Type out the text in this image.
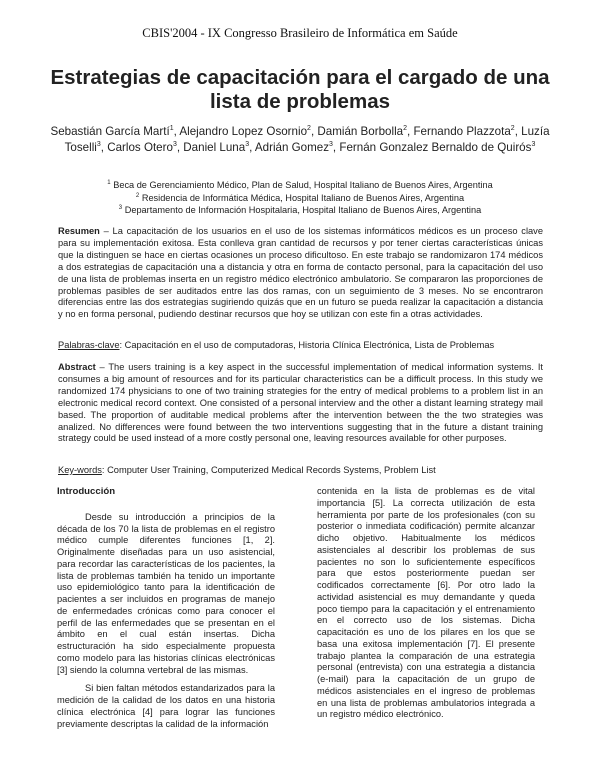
CBIS'2004 - IX Congresso Brasileiro de Informática em Saúde
Estrategias de capacitación para el cargado de una
lista de problemas
Sebastián García Martí$^1$, Alejandro Lopez Osornio$^2$, Damián Borbolla$^2$, Fernando Plazzota$^2$, Luzía Toselli$^3$, Carlos Otero$^3$, Daniel Luna$^3$, Adrián Gomez$^3$, Fernán Gonzalez Bernaldo de Quirós$^3$
$^1$ Beca de Gerenciamiento Médico, Plan de Salud, Hospital Italiano de Buenos Aires, Argentina
$^2$ Residencia de Informática Médica, Hospital Italiano de Buenos Aires, Argentina
$^3$ Departamento de Información Hospitalaria, Hospital Italiano de Buenos Aires, Argentina
Resumen – La capacitación de los usuarios en el uso de los sistemas informáticos médicos es un proceso clave para su implementación exitosa. Esta conlleva gran cantidad de recursos y por tener ciertas características únicas que la distinguen se hace en ciertas ocasiones un proceso dificultoso. En este trabajo se randomizaron 174 médicos a dos estrategias de capacitación una a distancia y otra en forma de contacto personal, para la capacitación del uso de una lista de problemas inserta en un registro médico electrónico ambulatorio. Se compararon las proporciones de problemas pasibles de ser auditados entre las dos ramas, con un seguimiento de 3 meses. No se encontraron diferencias entre las dos estrategias sugiriendo quizás que en un futuro se pueda realizar la capacitación a distancia y no en forma personal, pudiendo destinar recursos que hoy se utilizan con este fin a otras actividades.
Palabras-clave: Capacitación en el uso de computadoras, Historia Clínica Electrónica, Lista de Problemas
Abstract – The users training is a key aspect in the successful implementation of medical information systems. It consumes a big amount of resources and for its particular characteristics can be a difficult process. In this study we randomized 174 physicians to one of two training strategies for the entry of medical problems to a problem list in an electronic medical record context. One consisted of a personal interview and the other a distant learning strategy mail based. The proportion of auditable medical problems after the intervention between the the two strategies was analized. No differences were found between the two interventions suggesting that in the future a distant training strategy could be used instead of a more costly personal one, leaving resources available for other purposes.
Key-words: Computer User Training, Computerized Medical Records Systems, Problem List
Introducción

Desde su introducción a principios de la década de los 70 la lista de problemas en el registro médico cumple diferentes funciones [1, 2]. Originalmente diseñadas para un uso asistencial, para recordar las características de los pacientes, la lista de problemas también ha tenido un importante uso epidemiológico tanto para la identificación de pacientes a ser incluidos en programas de manejo de enfermedades crónicas como para conocer el perfil de las enfermedades que se presentan en el ámbito en el cual están insertas. Dicha estructuración ha sido especialmente propuesta como modelo para las historias clínicas electrónicas [3] siendo la columna vertebral de las mismas.

Si bien faltan métodos estandarizados para la medición de la calidad de los datos en una historia clínica electrónica [4] para lograr las funciones previamente descriptas la calidad de la información

contenida en la lista de problemas es de vital importancia [5]. La correcta utilización de esta herramienta por parte de los profesionales (con su posterior o inmediata codificación) permite alcanzar dicho objetivo. Habitualmente los médicos asistenciales al describir los problemas de sus pacientes no son lo suficientemente específicos para que estos posteriormente puedan ser codificados correctamente [6]. Por otro lado la actividad asistencial es muy demandante y queda poco tiempo para la capacitación y el entrenamiento en el correcto uso de los sistemas. Dicha capacitación es uno de los pilares en los que se basa una exitosa implementación [7]. El presente trabajo plantea la comparación de una estrategia personal (entrevista) con una estrategia a distancia (e-mail) para la capacitación de un grupo de médicos asistenciales en el ingreso de problemas en una lista de problemas ambulatorios integrada a un registro médico electrónico.
